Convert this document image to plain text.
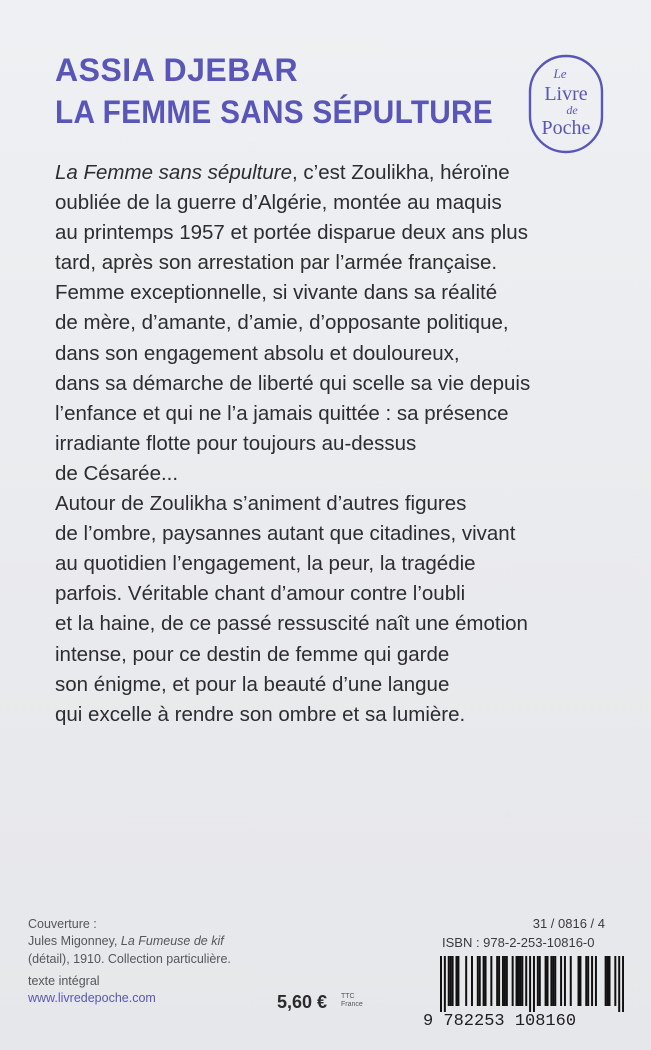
ASSIA DJEBAR
LA FEMME SANS SÉPULTURE
Le
Livre
de
Poche
La Femme sans sépulture, c’est Zoulikha, héroïne
oubliée de la guerre d’Algérie, montée au maquis
au printemps 1957 et portée disparue deux ans plus
tard, après son arrestation par l’armée française.
Femme exceptionnelle, si vivante dans sa réalité
de mère, d’amante, d’amie, d’opposante politique,
dans son engagement absolu et douloureux,
dans sa démarche de liberté qui scelle sa vie depuis
l’enfance et qui ne l’a jamais quittée : sa présence
irradiante flotte pour toujours au-dessus
de Césarée...
Autour de Zoulikha s’animent d’autres figures
de l’ombre, paysannes autant que citadines, vivant
au quotidien l’engagement, la peur, la tragédie
parfois. Véritable chant d’amour contre l’oubli
et la haine, de ce passé ressuscité naît une émotion
intense, pour ce destin de femme qui garde
son énigme, et pour la beauté d’une langue
qui excelle à rendre son ombre et sa lumière.
Couverture :
Jules Migonney, La Fumeuse de kif
(détail), 1910. Collection particulière.
texte intégral
www.livredepoche.com	5,60 € TTC
France
31 / 0816 / 4
ISBN : 978-2-253-10816-0
9 782253 108160
